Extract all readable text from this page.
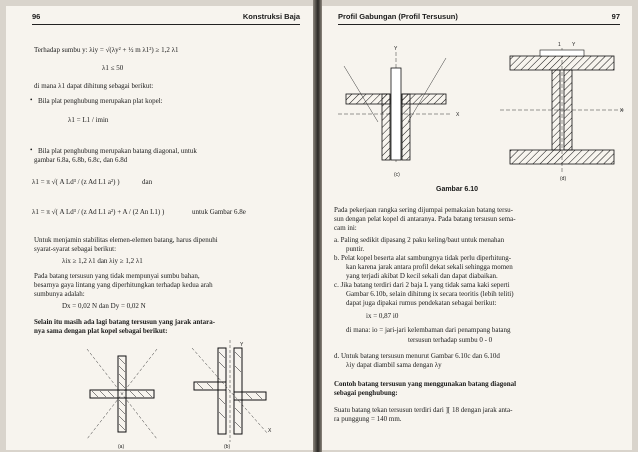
96	Konstruksi Baja
Terhadap sumbu y: λiy = √(λy² + ½ m λ1²) ≥ 1,2 λ1
λ1 ≤ 50
di mana λ1 dapat dihitung sebagai berikut:
• Bila plat penghubung merupakan plat kopel:
λ1 = L1 / imin
• Bila plat penghubung merupakan batang diagonal, untuk
gambar 6.8a, 6.8b, 6.8c, dan 6.8d
λ1 = π √( A Ld³ / (z Ad L1 a²) )	dan
λ1 = π √( A Ld³ / (z Ad L1 a²) + A / (2 An L1) )	untuk Gambar 6.8e
Untuk menjamin stabilitas elemen-elemen batang, harus dipenuhi
syarat-syarat sebagai berikut:
λix ≥ 1,2 λ1 dan λiy ≥ 1,2 λ1
Pada batang tersusun yang tidak mempunyai sumbu bahan,
besarnya gaya lintang yang diperhitungkan terhadap kedua arah
sumbunya adalah:
Dx = 0,02 N dan Dy = 0,02 N
Selain itu masih ada lagi batang tersusun yang jarak antara-
nya sama dengan plat kopel sebagai berikut:
(a)	(b)
Y
X
Profil Gabungan (Profil Tersusun)	97
Y
X
(c)
1 Y
X
(d)
Gambar 6.10
Pada pekerjaan rangka sering dijumpai pemakaian batang tersu-
sun dengan pelat kopel di antaranya. Pada batang tersusun sema-
cam ini:
a. Paling sedikit dipasang 2 paku keling/baut untuk menahan
puntir.
b. Pelat kopel beserta alat sambungnya tidak perlu diperhitung-
kan karena jarak antara profil dekat sekali sehingga momen
yang terjadi akibat D kecil sekali dan dapat diabaikan.
c. Jika batang terdiri dari 2 baja L yang tidak sama kaki seperti
Gambar 6.10b, selain dihitung ix secara teoritis (lebih teliti)
dapat juga dipakai rumus pendekatan sebagai berikut:
ix = 0,87 i0
di mana: io = jari-jari kelembaman dari penampang batang
tersusun terhadap sumbu 0 - 0
d. Untuk batang tersusun menurut Gambar 6.10c dan 6.10d
λiy dapat diambil sama dengan λy
Contoh batang tersusun yang menggunakan batang diagonal
sebagai penghubung:
Suatu batang tekan tersusun terdiri dari ][ 18 dengan jarak anta-
ra punggung = 140 mm.
